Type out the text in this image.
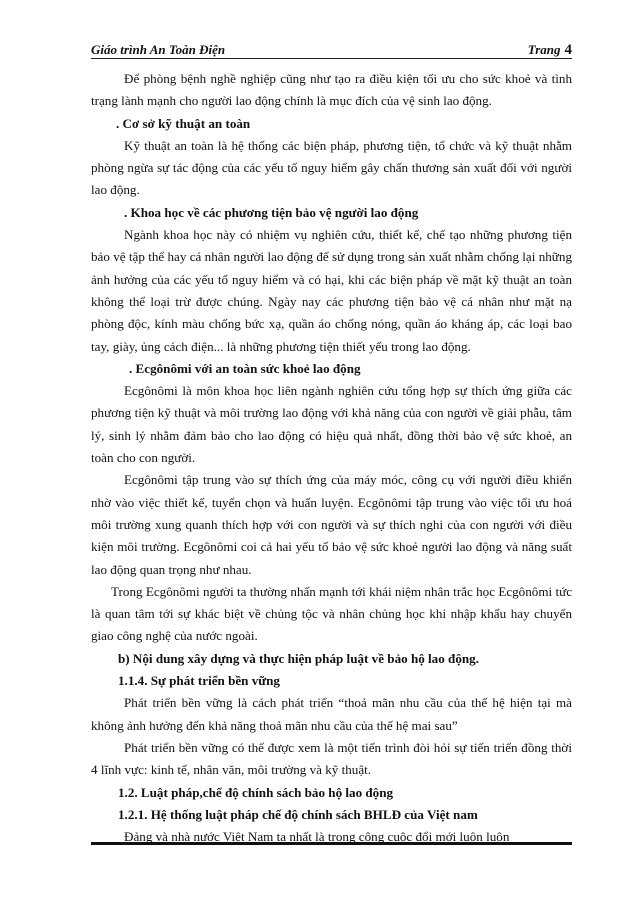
Giáo trình An Toàn Điện	Trang 4

Để phòng bệnh nghề nghiệp cũng như tạo ra điều kiện tối ưu cho sức khoẻ và tình trạng lành mạnh cho người lao động chính là mục đích của vệ sinh lao động.

. Cơ sở kỹ thuật an toàn

Kỹ thuật an toàn là hệ thống các biện pháp, phương tiện, tổ chức và kỹ thuật nhằm phòng ngừa sự tác động của các yếu tố nguy hiểm gây chấn thương sản xuất đối với người lao động.

. Khoa học về các phương tiện bảo vệ người lao động

Ngành khoa học này có nhiệm vụ nghiên cứu, thiết kế, chế tạo những phương tiện bảo vệ tập thể hay cá nhân người lao động để sử dụng trong sản xuất nhằm chống lại những ảnh hưởng của các yếu tố nguy hiểm và có hại, khi các biện pháp về mặt kỹ thuật an toàn không thể loại trừ được chúng. Ngày nay các phương tiện bảo vệ cá nhân như mặt nạ phòng độc, kính màu chống bức xạ, quần áo chống nóng, quần áo kháng áp, các loại bao tay, giày, ủng cách điện... là những phương tiện thiết yếu trong lao động.

. Ecgônômi với an toàn sức khoẻ lao động

Ecgônômi là môn khoa học liên ngành nghiên cứu tổng hợp sự thích ứng giữa các phương tiện kỹ thuật và môi trường lao động với khả năng của con người về giải phẫu, tâm lý, sinh lý nhằm đảm bảo cho lao động có hiệu quả nhất, đồng thời bảo vệ sức khoẻ, an toàn cho con người.

Ecgônômi tập trung vào sự thích ứng của máy móc, công cụ với người điều khiển nhờ vào việc thiết kế, tuyển chọn và huấn luyện. Ecgônômi tập trung vào việc tối ưu hoá môi trường xung quanh thích hợp với con người và sự thích nghi của con người với điều kiện môi trường. Ecgônômi coi cả hai yếu tố bảo vệ sức khoẻ người lao động và năng suất lao động quan trọng như nhau.

Trong Ecgônômi người ta thường nhấn mạnh tới khái niệm nhân trắc học Ecgônômi tức là quan tâm tới sự khác biệt về chủng tộc và nhân chủng học khi nhập khẩu hay chuyển giao công nghệ của nước ngoài.

b) Nội dung xây dựng và thực hiện pháp luật về bảo hộ lao động.

1.1.4. Sự phát triển bền vững

Phát triển bền vững là cách phát triển “thoả mãn nhu cầu của thế hệ hiện tại mà không ảnh hưởng đến khả năng thoả mãn nhu cầu của thế hệ mai sau”

Phát triển bền vững có thể được xem là một tiến trình đòi hỏi sự tiến triển đồng thời 4 lĩnh vực: kinh tế, nhân văn, môi trường và kỹ thuật.

1.2. Luật pháp,chế độ chính sách bảo hộ lao động

1.2.1. Hệ thống luật pháp chế độ chính sách BHLĐ của Việt nam

Đảng và nhà nước Việt Nam ta nhất là trong công cuộc đổi mới luôn luôn
